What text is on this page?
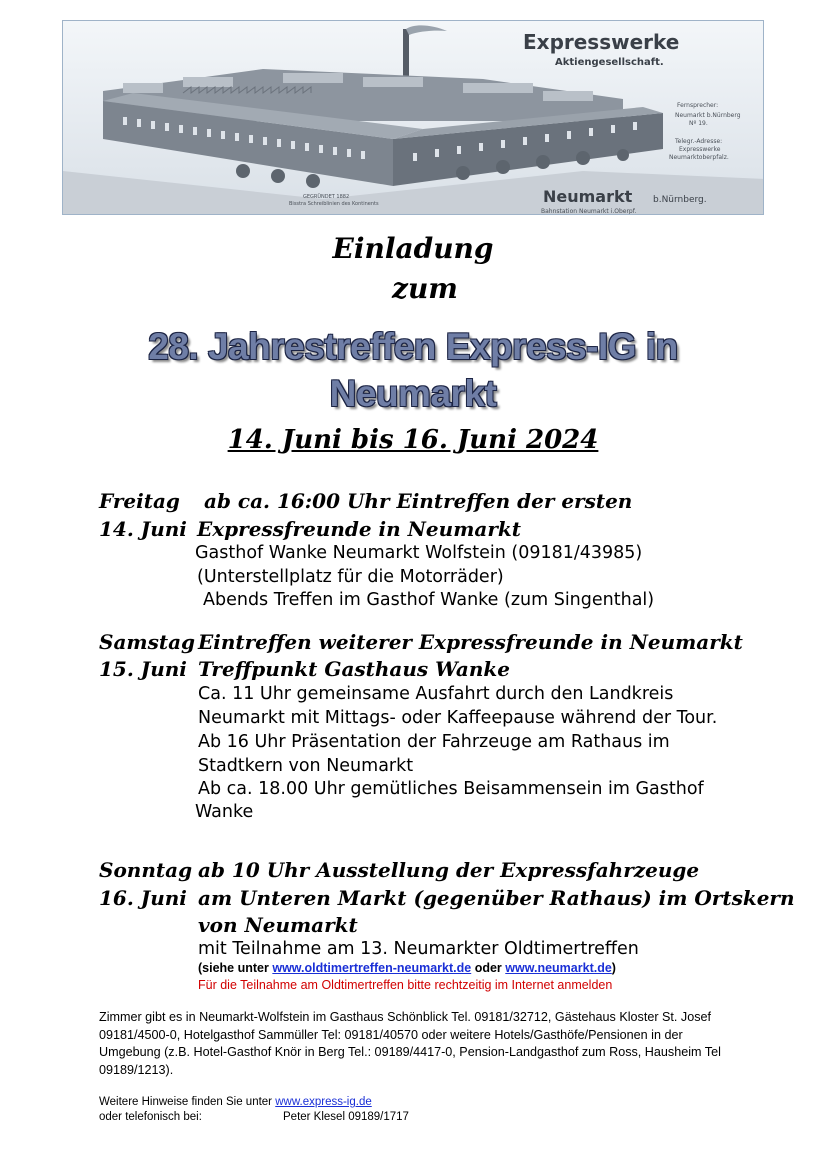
Expresswerke
Aktiengesellschaft.
Fernsprecher:
Neumarkt b.Nürnberg
Nº 19.
Telegr.-Adresse:
Expresswerke
Neumarktoberpfalz.
Neumarkt b.Nürnberg.
Bahnstation Neumarkt i.Oberpf.
GEGRÜNDET 1882
Bisstra Schreiblinien des Kontinents
Einladung
zum
28. Jahrestreffen Express-IG in
Neumarkt
14. Juni bis 16. Juni 2024
Freitag
14. Juni
ab ca. 16:00 Uhr Eintreffen der ersten
Expressfreunde in Neumarkt
Gasthof Wanke Neumarkt Wolfstein (09181/43985)
(Unterstellplatz für die Motorräder)
Abends Treffen im Gasthof Wanke (zum Singenthal)
Samstag
15. Juni
Eintreffen weiterer Expressfreunde in Neumarkt
Treffpunkt Gasthaus Wanke
Ca. 11 Uhr gemeinsame Ausfahrt durch den Landkreis
Neumarkt mit Mittags- oder Kaffeepause während der Tour.
Ab 16 Uhr Präsentation der Fahrzeuge am Rathaus im
Stadtkern von Neumarkt
Ab ca. 18.00 Uhr gemütliches Beisammensein im Gasthof
Wanke
Sonntag
16. Juni
ab 10 Uhr Ausstellung der Expressfahrzeuge
am Unteren Markt (gegenüber Rathaus) im Ortskern
von Neumarkt
mit Teilnahme am 13. Neumarkter Oldtimertreffen
(siehe unter www.oldtimertreffen-neumarkt.de oder www.neumarkt.de)
Für die Teilnahme am Oldtimertreffen bitte rechtzeitig im Internet anmelden
Zimmer gibt es in Neumarkt-Wolfstein im Gasthaus Schönblick Tel. 09181/32712, Gästehaus Kloster St. Josef 09181/4500-0, Hotelgasthof Sammüller Tel: 09181/40570 oder weitere Hotels/Gasthöfe/Pensionen in der Umgebung (z.B. Hotel-Gasthof Knör in Berg Tel.: 09189/4417-0, Pension-Landgasthof zum Ross, Hausheim Tel 09189/1213).
Weitere Hinweise finden Sie unter www.express-ig.de
oder telefonisch bei:	Peter Klesel 09189/1717
